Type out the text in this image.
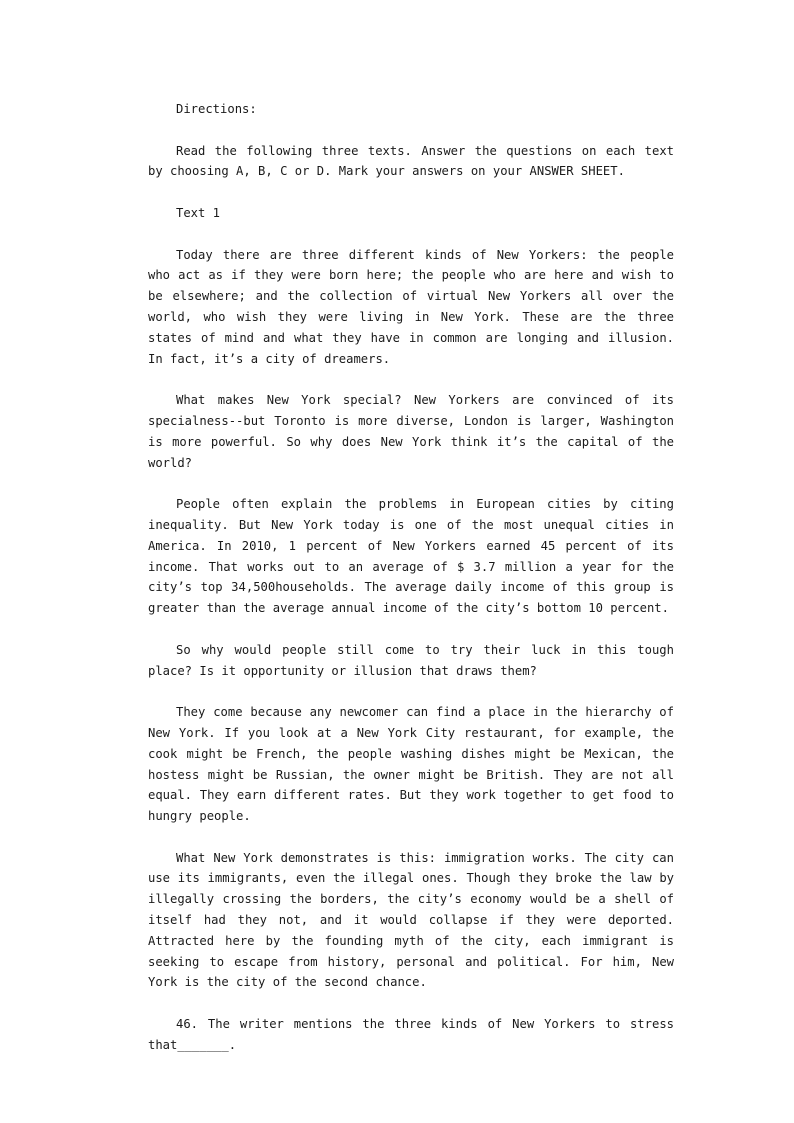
Directions:

Read the following three texts. Answer the questions on each text by choosing A, B, C or D. Mark your answers on your ANSWER SHEET.

Text 1

Today there are three different kinds of New Yorkers: the people who act as if they were born here; the people who are here and wish to be elsewhere; and the collection of virtual New Yorkers all over the world, who wish they were living in New York. These are the three states of mind and what they have in common are longing and illusion. In fact, it’s a city of dreamers.

What makes New York special? New Yorkers are convinced of its specialness--but Toronto is more diverse, London is larger, Washington is more powerful. So why does New York think it’s the capital of the world?

People often explain the problems in European cities by citing inequality. But New York today is one of the most unequal cities in America. In 2010, 1 percent of New Yorkers earned 45 percent of its income. That works out to an average of $ 3.7 million a year for the city’s top 34,500households. The average daily income of this group is greater than the average annual income of the city’s bottom 10 percent.

So why would people still come to try their luck in this tough place? Is it opportunity or illusion that draws them?

They come because any newcomer can find a place in the hierarchy of New York. If you look at a New York City restaurant, for example, the cook might be French, the people washing dishes might be Mexican, the hostess might be Russian, the owner might be British. They are not all equal. They earn different rates. But they work together to get food to hungry people.

What New York demonstrates is this: immigration works. The city can use its immigrants, even the illegal ones. Though they broke the law by illegally crossing the borders, the city’s economy would be a shell of itself had they not, and it would collapse if they were deported. Attracted here by the founding myth of the city, each immigrant is seeking to escape from history, personal and political. For him, New York is the city of the second chance.

46. The writer mentions the three kinds of New Yorkers to stress that_______.
